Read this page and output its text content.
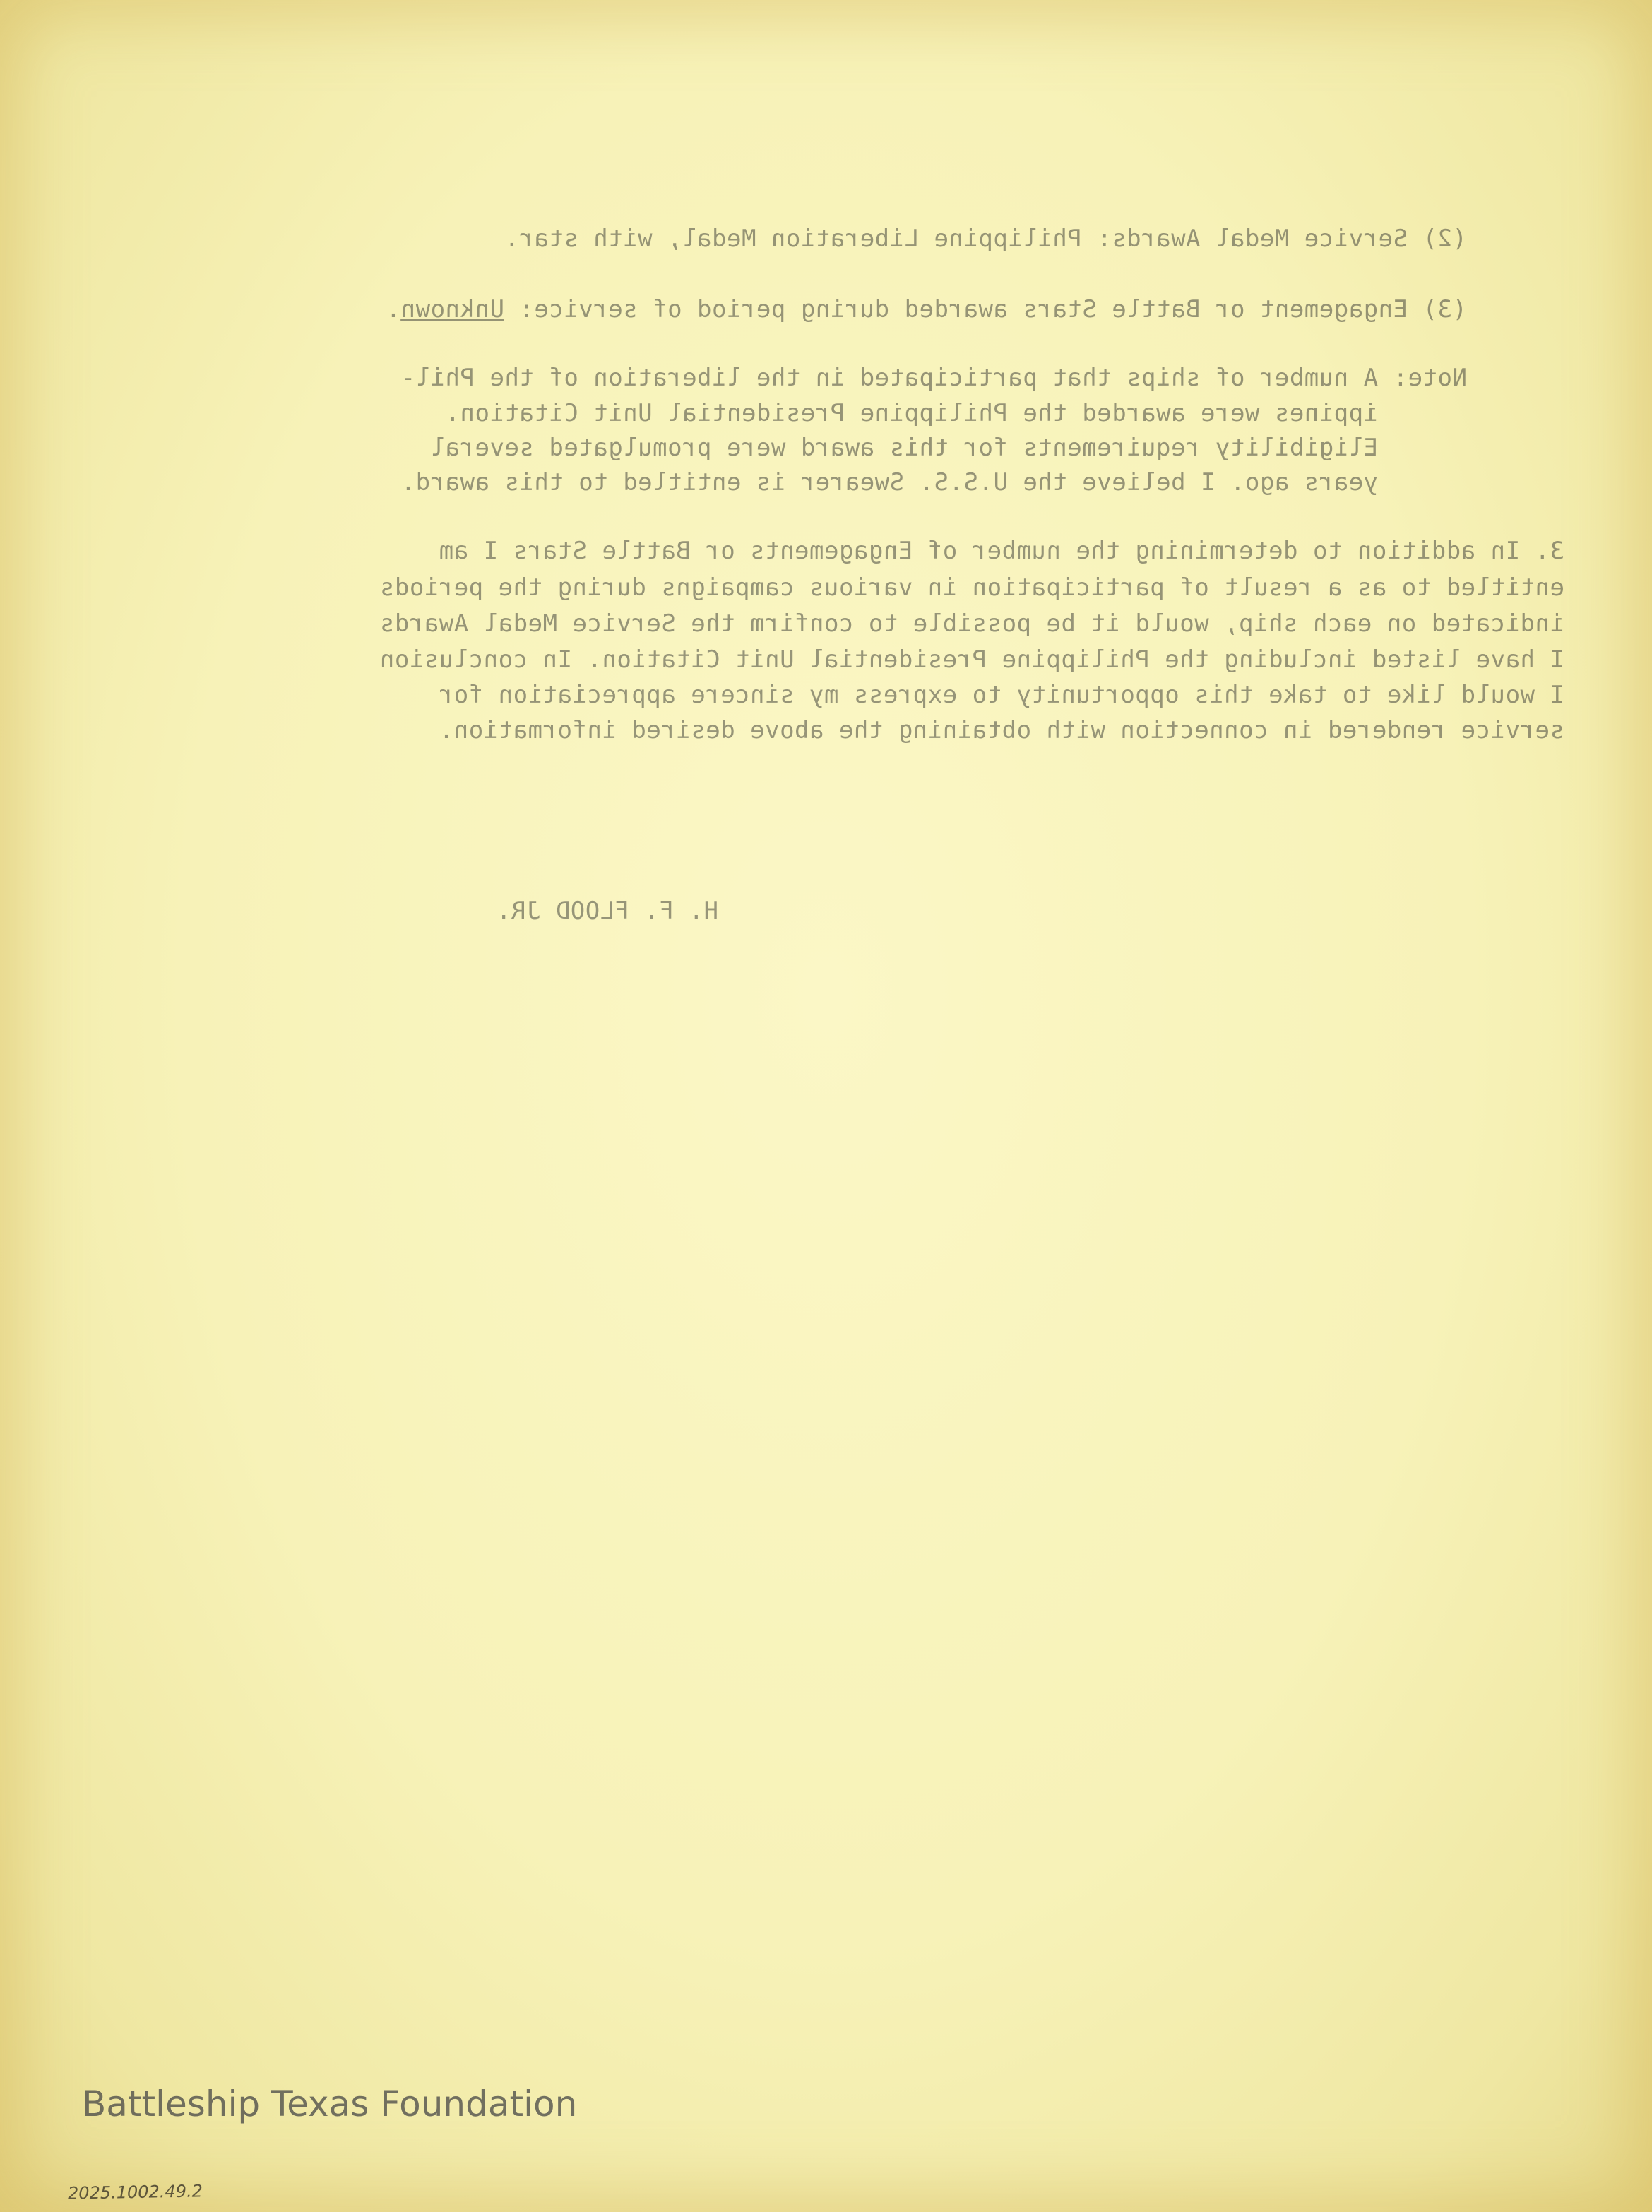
(2) Service Medal Awards: Philippine Liberation Medal, with star.

(3) Engagement or Battle Stars awarded during period of service: Unknown.

Note: A number of ships that participated in the liberation of the Phil-

ippines were awarded the Philippine Presidential Unit Citation.

Eligibility requirements for this award were promulgated several

years ago. I believe the U.S.S. Swearer is entitled to this award.

3. In addition to determining the number of Engagements or Battle Stars I am

entitled to as a result of participation in various campaigns during the periods

indicated on each ship, would it be possible to confirm the Service Medal Awards

I have listed including the Philippine Presidential Unit Citation. In conclusion

I would like to take this opportunity to express my sincere appreciation for

service rendered in connection with obtaining the above desired information.

H. F. FLOOD JR.

Battleship Texas Foundation
2025.1002.49.2
